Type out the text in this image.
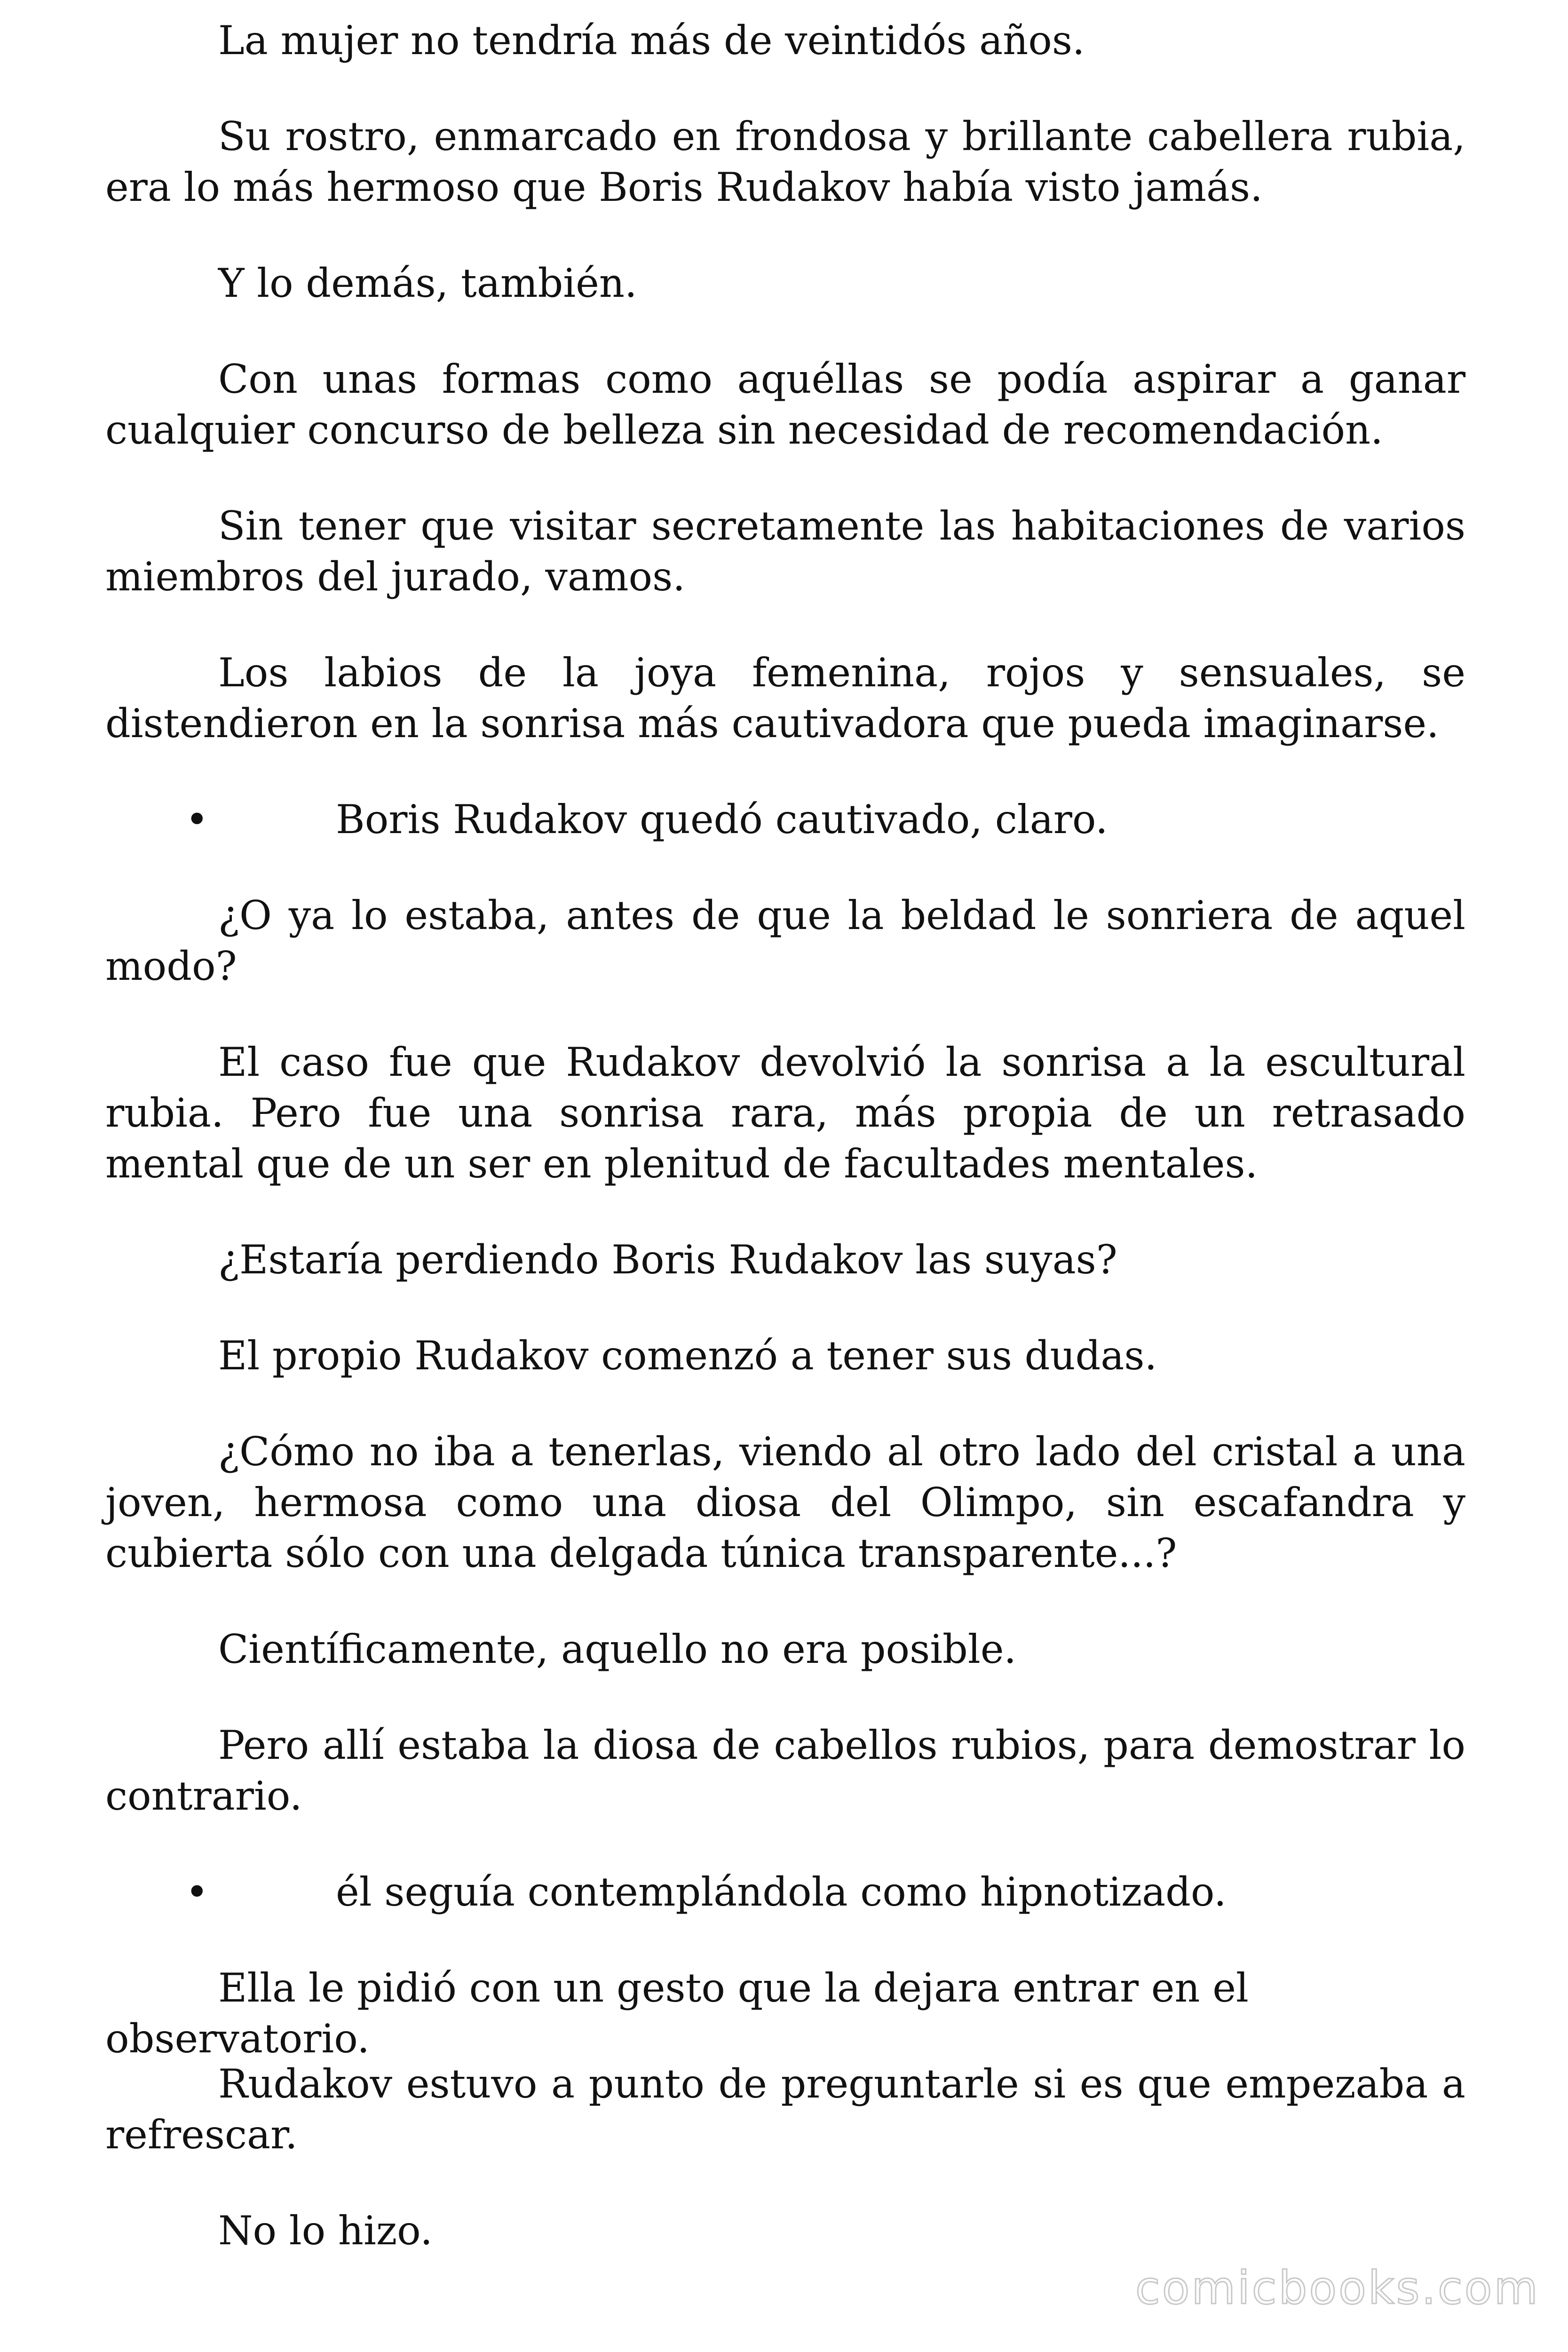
La mujer no tendría más de veintidós años.

Su rostro, enmarcado en frondosa y brillante cabellera rubia, era lo más hermoso que Boris Rudakov había visto jamás.

Y lo demás, también.

Con unas formas como aquéllas se podía aspirar a ganar cualquier concurso de belleza sin necesidad de recomendación.

Sin tener que visitar secretamente las habitaciones de varios miembros del jurado, vamos.

Los labios de la joya femenina, rojos y sensuales, se distendieron en la sonrisa más cautivadora que pueda imaginarse.

•	Boris Rudakov quedó cautivado, claro.

¿O ya lo estaba, antes de que la beldad le sonriera de aquel modo?

El caso fue que Rudakov devolvió la sonrisa a la escultural rubia. Pero fue una sonrisa rara, más propia de un retrasado mental que de un ser en plenitud de facultades mentales.

¿Estaría perdiendo Boris Rudakov las suyas?

El propio Rudakov comenzó a tener sus dudas.

¿Cómo no iba a tenerlas, viendo al otro lado del cristal a una joven, hermosa como una diosa del Olimpo, sin escafandra y cubierta sólo con una delgada túnica transparente...?

Científicamente, aquello no era posible.

Pero allí estaba la diosa de cabellos rubios, para demostrar lo contrario.

•	él seguía contemplándola como hipnotizado.

Ella le pidió con un gesto que la dejara entrar en el observatorio.

Rudakov estuvo a punto de preguntarle si es que empezaba a refrescar.

No lo hizo.

comicbooks.com
